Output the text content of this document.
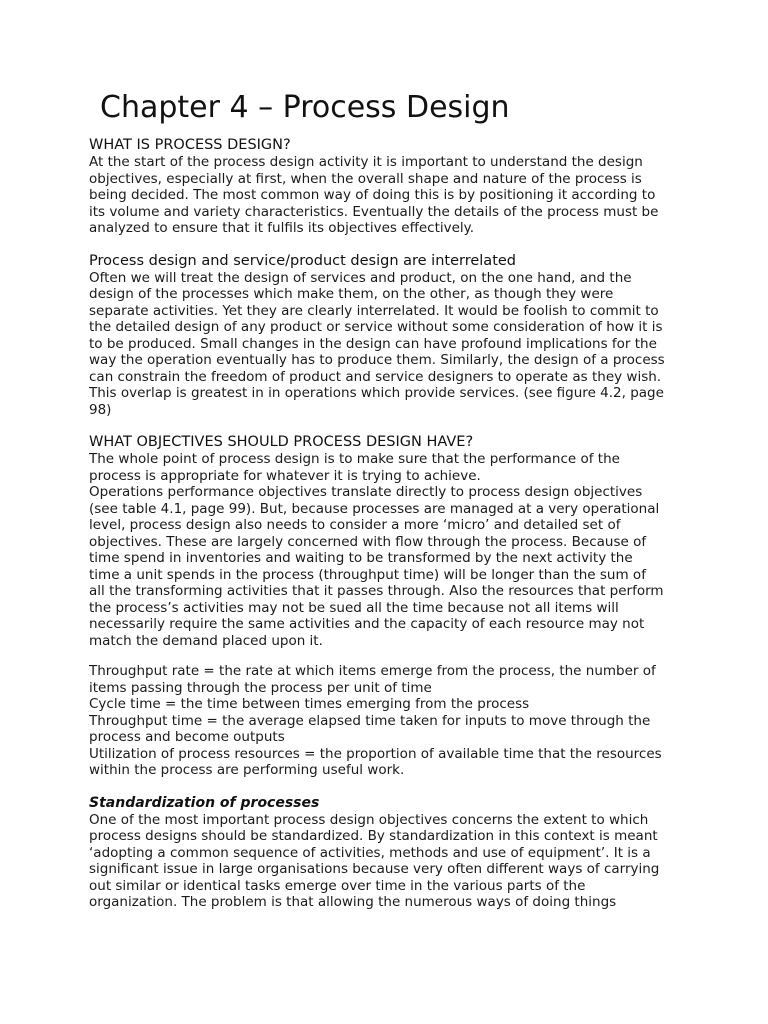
Chapter 4 – Process Design
WHAT IS PROCESS DESIGN?
At the start of the process design activity it is important to understand the design
objectives, especially at first, when the overall shape and nature of the process is
being decided. The most common way of doing this is by positioning it according to
its volume and variety characteristics. Eventually the details of the process must be
analyzed to ensure that it fulfils its objectives effectively.
Process design and service/product design are interrelated
Often we will treat the design of services and product, on the one hand, and the
design of the processes which make them, on the other, as though they were
separate activities. Yet they are clearly interrelated. It would be foolish to commit to
the detailed design of any product or service without some consideration of how it is
to be produced. Small changes in the design can have profound implications for the
way the operation eventually has to produce them. Similarly, the design of a process
can constrain the freedom of product and service designers to operate as they wish.
This overlap is greatest in in operations which provide services. (see figure 4.2, page
98)
WHAT OBJECTIVES SHOULD PROCESS DESIGN HAVE?
The whole point of process design is to make sure that the performance of the
process is appropriate for whatever it is trying to achieve.
Operations performance objectives translate directly to process design objectives
(see table 4.1, page 99). But, because processes are managed at a very operational
level, process design also needs to consider a more ‘micro’ and detailed set of
objectives. These are largely concerned with flow through the process. Because of
time spend in inventories and waiting to be transformed by the next activity the
time a unit spends in the process (throughput time) will be longer than the sum of
all the transforming activities that it passes through. Also the resources that perform
the process’s activities may not be sued all the time because not all items will
necessarily require the same activities and the capacity of each resource may not
match the demand placed upon it.
Throughput rate = the rate at which items emerge from the process, the number of
items passing through the process per unit of time
Cycle time = the time between times emerging from the process
Throughput time = the average elapsed time taken for inputs to move through the
process and become outputs
Utilization of process resources = the proportion of available time that the resources
within the process are performing useful work.
Standardization of processes
One of the most important process design objectives concerns the extent to which
process designs should be standardized. By standardization in this context is meant
‘adopting a common sequence of activities, methods and use of equipment’. It is a
significant issue in large organisations because very often different ways of carrying
out similar or identical tasks emerge over time in the various parts of the
organization. The problem is that allowing the numerous ways of doing things
